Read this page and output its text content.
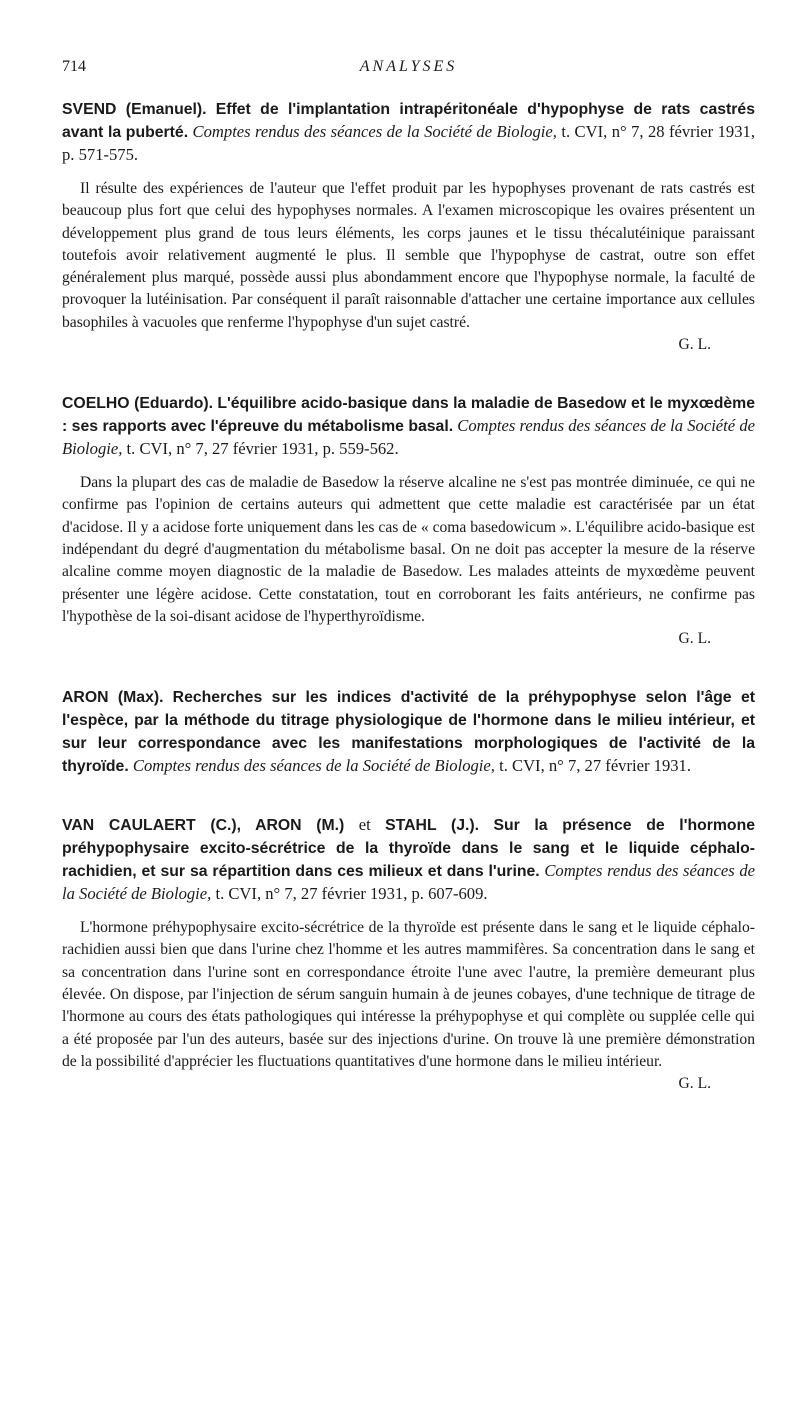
714	ANALYSES

SVEND (Emanuel). Effet de l'implantation intrapéritonéale d'hypophyse de rats castrés avant la puberté. Comptes rendus des séances de la Société de Biologie, t. CVI, n° 7, 28 février 1931, p. 571-575.

Il résulte des expériences de l'auteur que l'effet produit par les hypophyses provenant de rats castrés est beaucoup plus fort que celui des hypophyses normales. A l'examen microscopique les ovaires présentent un développement plus grand de tous leurs éléments, les corps jaunes et le tissu thécalutéinique paraissant toutefois avoir relativement augmenté le plus. Il semble que l'hypophyse de castrat, outre son effet généralement plus marqué, possède aussi plus abondamment encore que l'hypophyse normale, la faculté de provoquer la lutéinisation. Par conséquent il paraît raisonnable d'attacher une certaine importance aux cellules basophiles à vacuoles que renferme l'hypophyse d'un sujet castré.

G. L.

COELHO (Eduardo). L'équilibre acido-basique dans la maladie de Basedow et le myxœdème : ses rapports avec l'épreuve du métabolisme basal. Comptes rendus des séances de la Société de Biologie, t. CVI, n° 7, 27 février 1931, p. 559-562.

Dans la plupart des cas de maladie de Basedow la réserve alcaline ne s'est pas montrée diminuée, ce qui ne confirme pas l'opinion de certains auteurs qui admettent que cette maladie est caractérisée par un état d'acidose. Il y a acidose forte uniquement dans les cas de « coma basedowicum ». L'équilibre acido-basique est indépendant du degré d'augmentation du métabolisme basal. On ne doit pas accepter la mesure de la réserve alcaline comme moyen diagnostic de la maladie de Basedow. Les malades atteints de myxœdème peuvent présenter une légère acidose. Cette constatation, tout en corroborant les faits antérieurs, ne confirme pas l'hypothèse de la soi-disant acidose de l'hyperthyroïdisme.

G. L.

ARON (Max). Recherches sur les indices d'activité de la préhypophyse selon l'âge et l'espèce, par la méthode du titrage physiologique de l'hormone dans le milieu intérieur, et sur leur correspondance avec les manifestations morphologiques de l'activité de la thyroïde. Comptes rendus des séances de la Société de Biologie, t. CVI, n° 7, 27 février 1931.

VAN CAULAERT (C.), ARON (M.) et STAHL (J.). Sur la présence de l'hormone préhypophysaire excito-sécrétrice de la thyroïde dans le sang et le liquide céphalo-rachidien, et sur sa répartition dans ces milieux et dans l'urine. Comptes rendus des séances de la Société de Biologie, t. CVI, n° 7, 27 février 1931, p. 607-609.

L'hormone préhypophysaire excito-sécrétrice de la thyroïde est présente dans le sang et le liquide céphalo-rachidien aussi bien que dans l'urine chez l'homme et les autres mammifères. Sa concentration dans le sang et sa concentration dans l'urine sont en correspondance étroite l'une avec l'autre, la première demeurant plus élevée. On dispose, par l'injection de sérum sanguin humain à de jeunes cobayes, d'une technique de titrage de l'hormone au cours des états pathologiques qui intéresse la préhypophyse et qui complète ou supplée celle qui a été proposée par l'un des auteurs, basée sur des injections d'urine. On trouve là une première démonstration de la possibilité d'apprécier les fluctuations quantitatives d'une hormone dans le milieu intérieur.

G. L.
